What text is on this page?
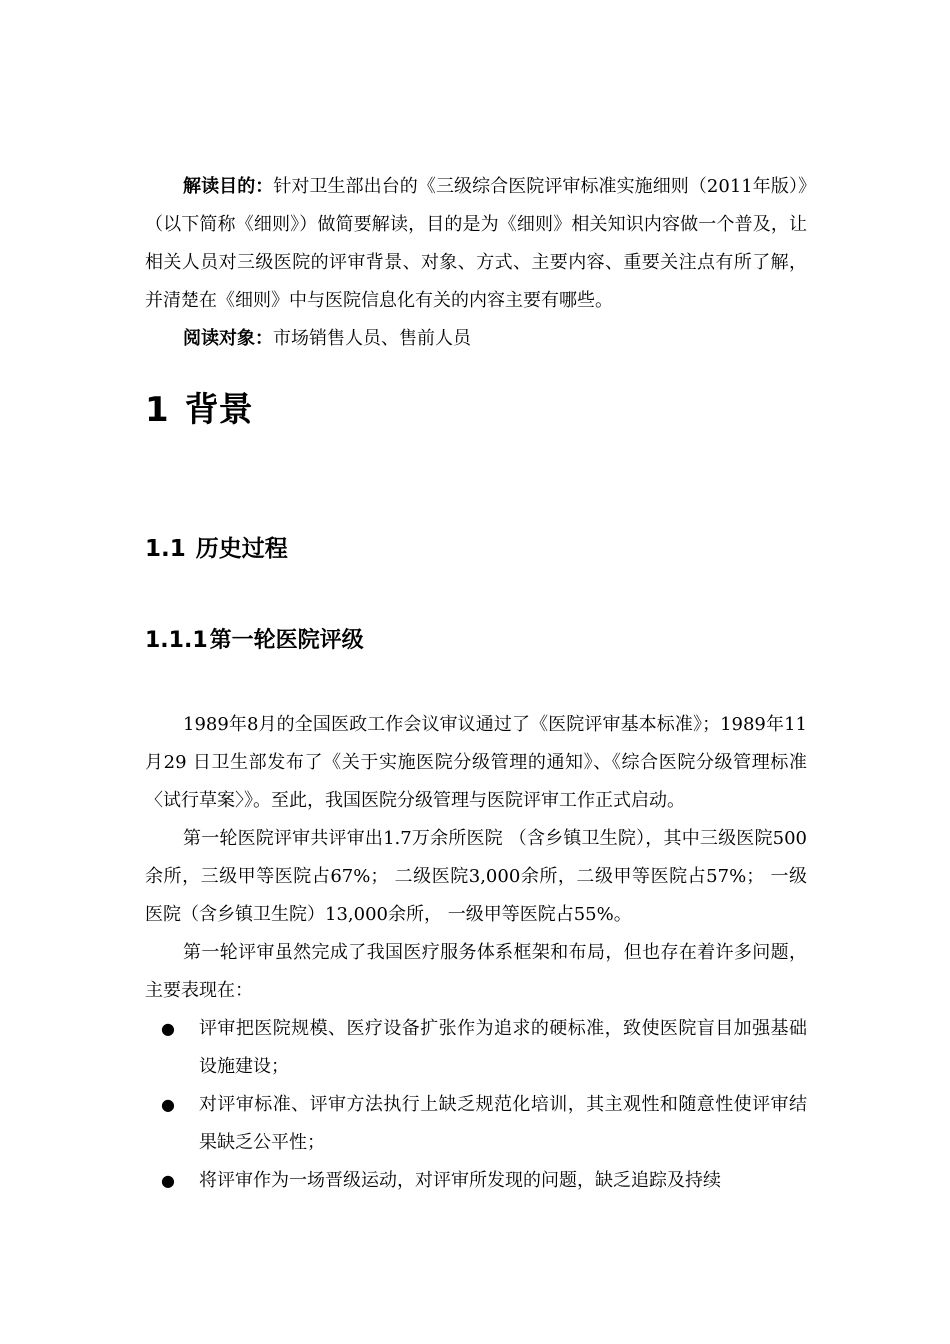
解读目的：针对卫生部出台的《三级综合医院评审标准实施细则（2011年版）》（以下简称《细则》）做简要解读，目的是为《细则》相关知识内容做一个普及，让相关人员对三级医院的评审背景、对象、方式、主要内容、重要关注点有所了解，并清楚在《细则》中与医院信息化有关的内容主要有哪些。

阅读对象：市场销售人员、售前人员

1 背景
1.1 历史过程
1.1.1第一轮医院评级

1989年8月的全国医政工作会议审议通过了《医院评审基本标准》；1989年11月29 日卫生部发布了《关于实施医院分级管理的通知》、《综合医院分级管理标准〈试行草案〉》。至此，我国医院分级管理与医院评审工作正式启动。

第一轮医院评审共评审出1.7万余所医院 （含乡镇卫生院），其中三级医院500余所，三级甲等医院占67%； 二级医院3,000余所，二级甲等医院占57%； 一级医院（含乡镇卫生院）13,000余所， 一级甲等医院占55%。

第一轮评审虽然完成了我国医疗服务体系框架和布局，但也存在着许多问题，主要表现在：

● 评审把医院规模、医疗设备扩张作为追求的硬标准，致使医院盲目加强基础设施建设；
● 对评审标准、评审方法执行上缺乏规范化培训，其主观性和随意性使评审结果缺乏公平性；
● 将评审作为一场晋级运动，对评审所发现的问题，缺乏追踪及持续
